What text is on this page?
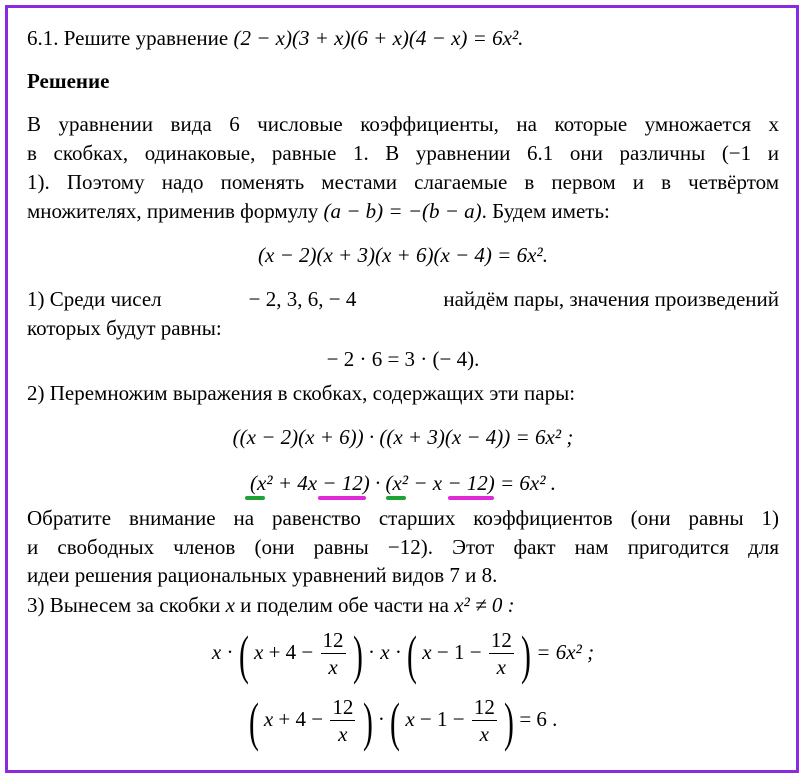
6.1. Решите уравнение (2 − x)(3 + x)(6 + x)(4 − x) = 6x².
Решение
В уравнении вида 6 числовые коэффициенты, на которые умножается x
в скобках, одинаковые, равные 1. В уравнении 6.1 они различны (−1 и
1). Поэтому надо поменять местами слагаемые в первом и в четвёртом
множителях, применив формулу (a − b) = −(b − a). Будем иметь:
(x − 2)(x + 3)(x + 6)(x − 4) = 6x².
1) Среди чисел	− 2, 3, 6, − 4	найдём пары, значения произведений
которых будут равны:
− 2 · 6 = 3 · (− 4).
2) Перемножим выражения в скобках, содержащих эти пары:
((x − 2)(x + 6)) · ((x + 3)(x − 4)) = 6x² ;
(x² + 4x − 12) · (x² − x − 12) = 6x² .
Обратите внимание на равенство старших коэффициентов (они равны 1)
и свободных членов (они равны −12). Этот факт нам пригодится для
идеи решения рациональных уравнений видов 7 и 8.
3) Вынесем за скобки x и поделим обе части на x² ≠ 0 :
x · ( $x + 4 - \frac{12}{x}$ ) · x · ( $x - 1 - \frac{12}{x}$ ) = 6x² ;
( $x + 4 - \frac{12}{x}$ ) · ( $x - 1 - \frac{12}{x}$ ) = 6 .
